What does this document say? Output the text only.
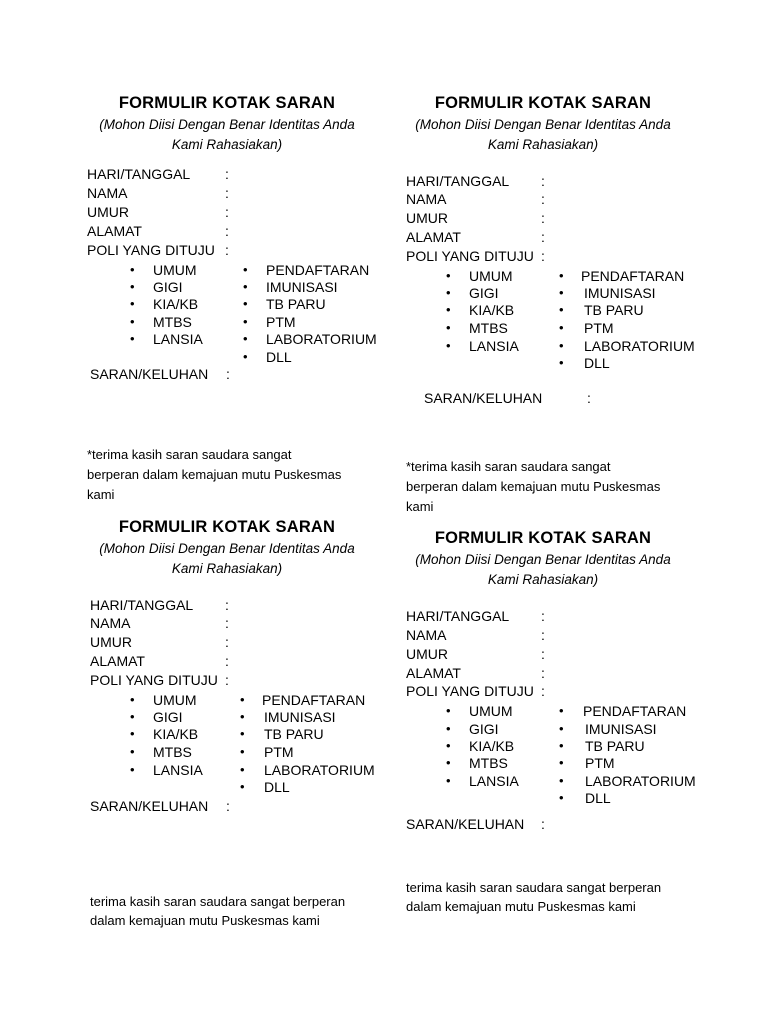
FORMULIR KOTAK SARAN
(Mohon Diisi Dengan Benar Identitas Anda
Kami Rahasiakan)
HARI/TANGGAL :
NAMA	:
UMUR	:
ALAMAT	:
POLI YANG DITUJU :
• UMUM
• GIGI
• KIA/KB
• MTBS
• LANSIA
• PENDAFTARAN
• IMUNISASI
• TB PARU
• PTM
• LABORATORIUM
• DLL
SARAN/KELUHAN :
*terima kasih saran saudara sangat
berperan dalam kemajuan mutu Puskesmas
kami
FORMULIR KOTAK SARAN
(Mohon Diisi Dengan Benar Identitas Anda
Kami Rahasiakan)
HARI/TANGGAL :
NAMA	:
UMUR	:
ALAMAT	:
POLI YANG DITUJU :
• UMUM
• GIGI
• KIA/KB
• MTBS
• LANSIA
• PENDAFTARAN
• IMUNISASI
• TB PARU
• PTM
• LABORATORIUM
• DLL
SARAN/KELUHAN	:
*terima kasih saran saudara sangat
berperan dalam kemajuan mutu Puskesmas
kami
FORMULIR KOTAK SARAN
(Mohon Diisi Dengan Benar Identitas Anda
Kami Rahasiakan)
HARI/TANGGAL :
NAMA	:
UMUR	:
ALAMAT	:
POLI YANG DITUJU :
• UMUM
• GIGI
• KIA/KB
• MTBS
• LANSIA
• PENDAFTARAN
• IMUNISASI
• TB PARU
• PTM
• LABORATORIUM
• DLL
SARAN/KELUHAN :
terima kasih saran saudara sangat berperan
dalam kemajuan mutu Puskesmas kami
FORMULIR KOTAK SARAN
(Mohon Diisi Dengan Benar Identitas Anda
Kami Rahasiakan)
HARI/TANGGAL :
NAMA	:
UMUR	:
ALAMAT	:
POLI YANG DITUJU :
• UMUM
• GIGI
• KIA/KB
• MTBS
• LANSIA
• PENDAFTARAN
• IMUNISASI
• TB PARU
• PTM
• LABORATORIUM
• DLL
SARAN/KELUHAN :
terima kasih saran saudara sangat berperan
dalam kemajuan mutu Puskesmas kami
